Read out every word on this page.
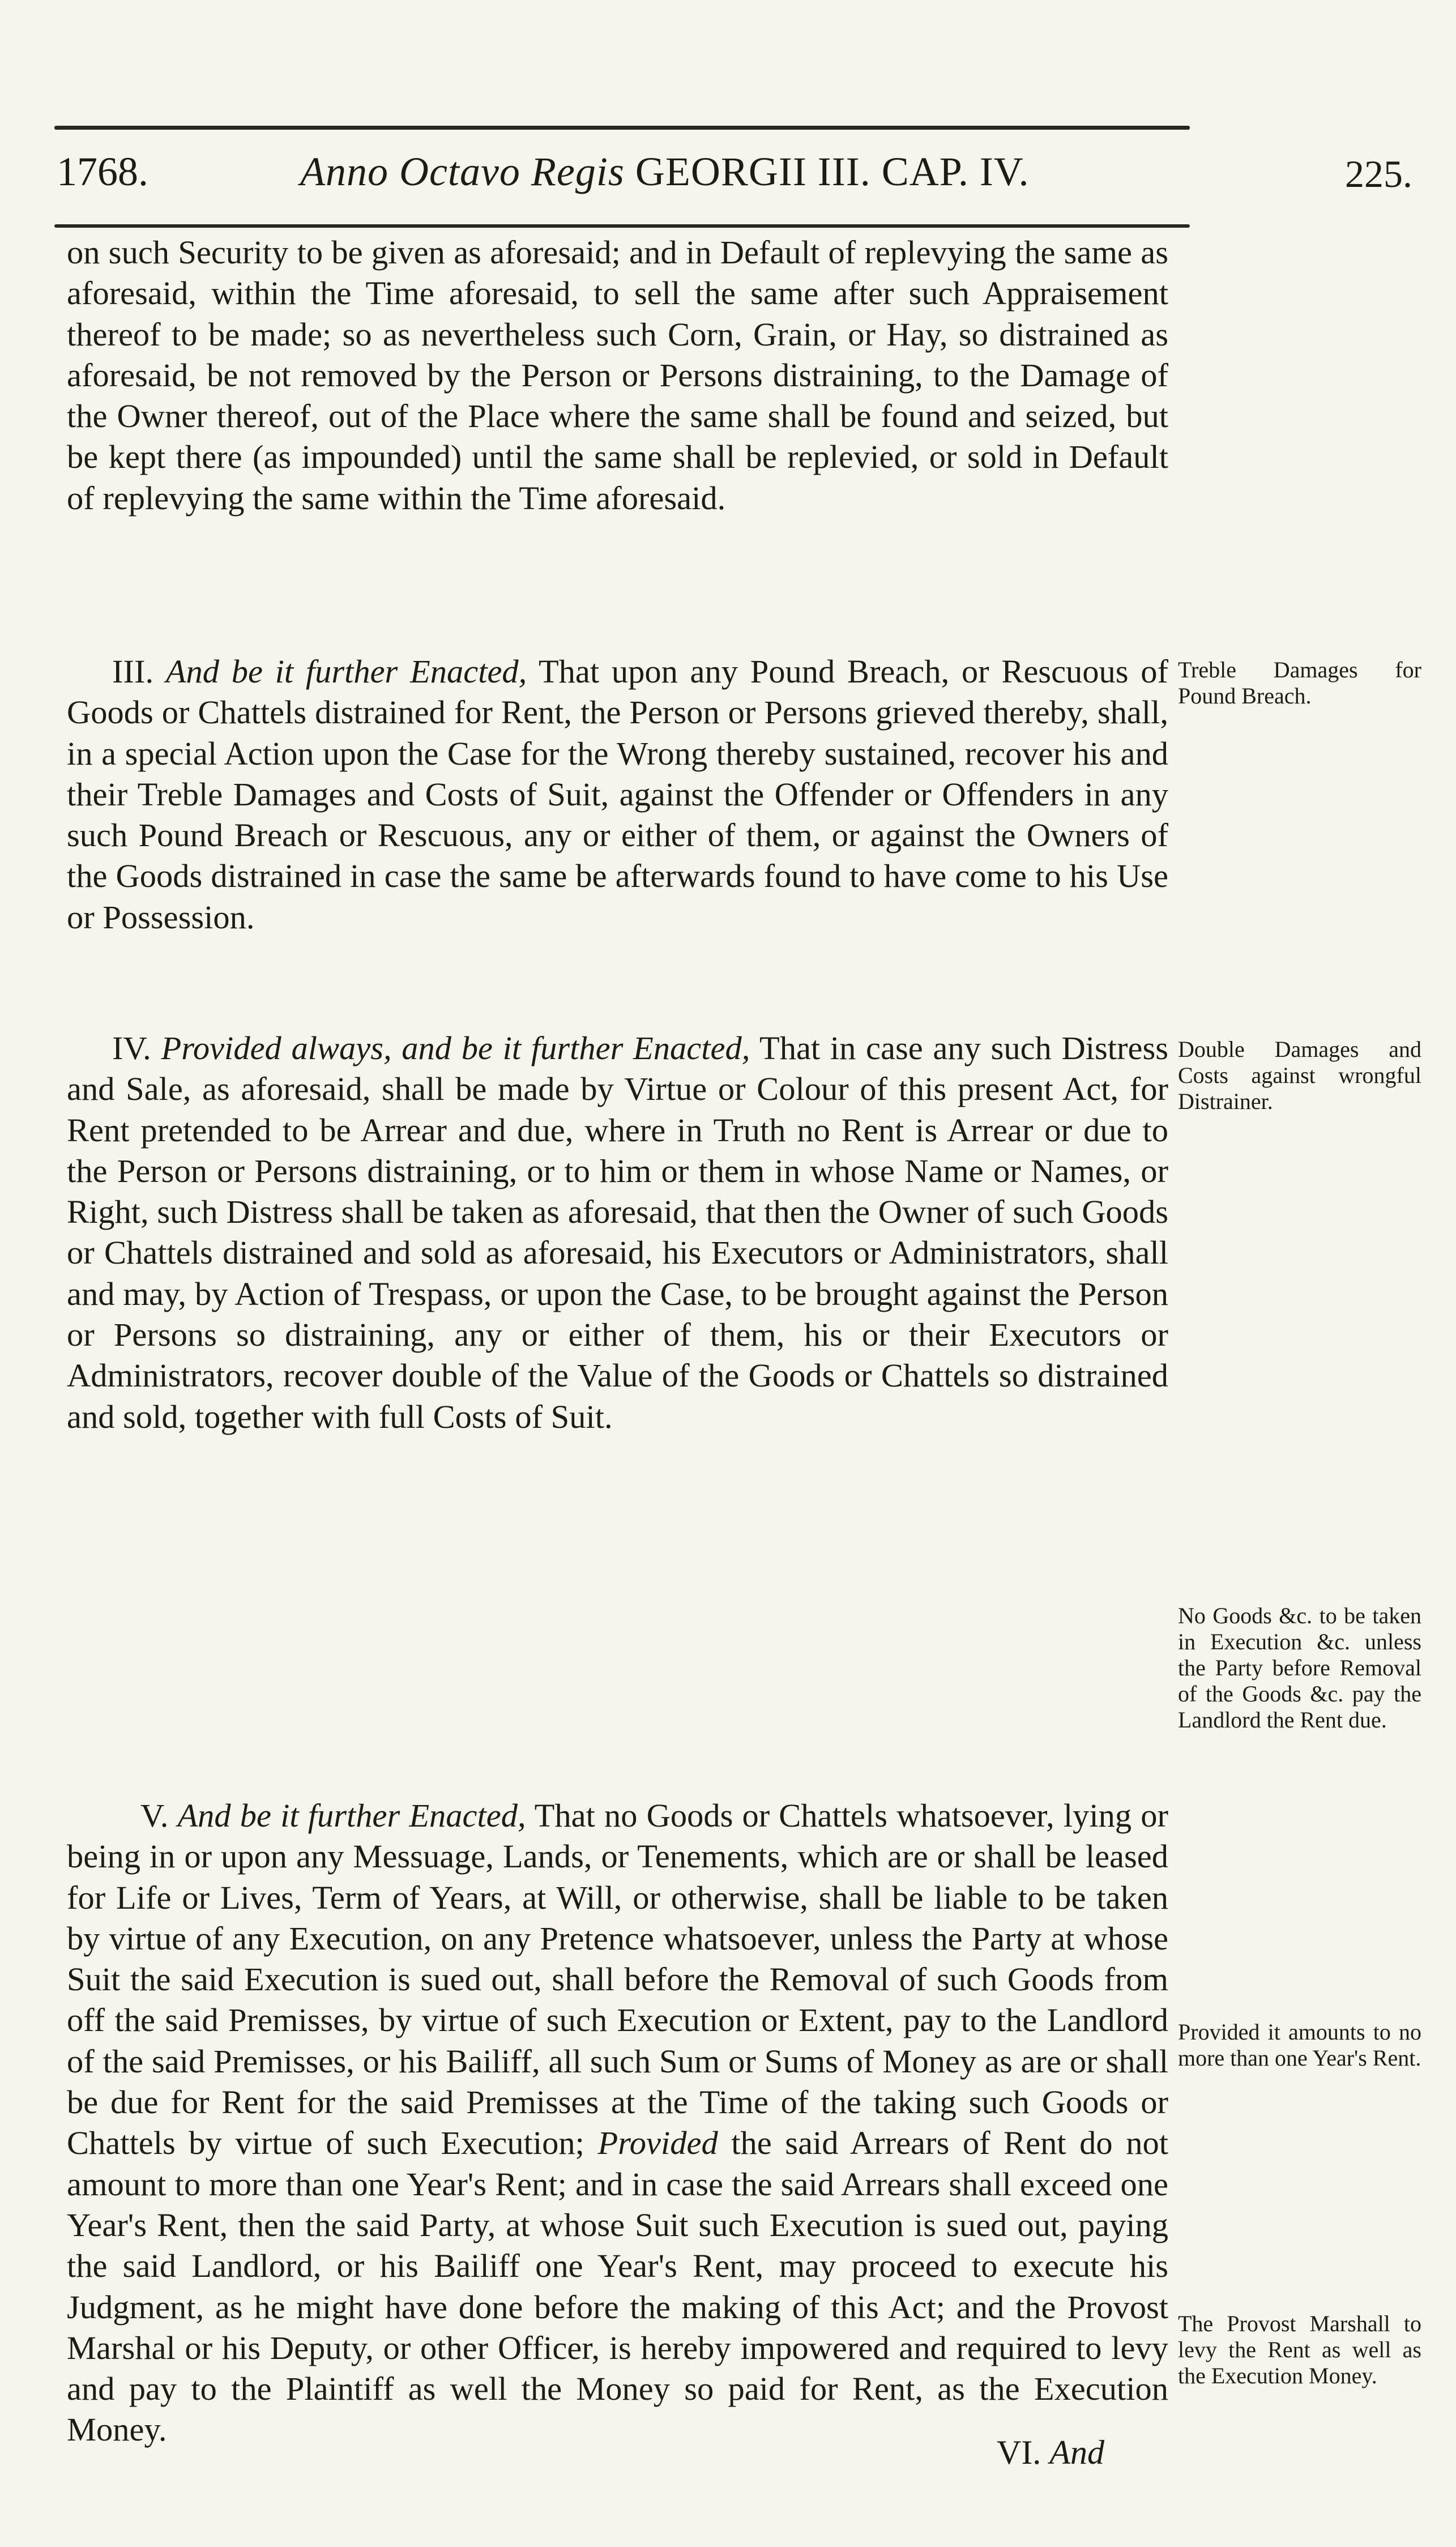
1768.	Anno Octavo Regis GEORGII III. CAP. IV.	225.

on such Security to be given as aforesaid; and in Default of replevying the same as aforesaid, within the Time aforesaid, to sell the same after such Appraisement thereof to be made; so as nevertheless such Corn, Grain, or Hay, so distrained as aforesaid, be not removed by the Person or Persons distraining, to the Damage of the Owner thereof, out of the Place where the same shall be found and seized, but be kept there (as impounded) until the same shall be replevied, or sold in Default of replevying the same within the Time aforesaid.

III. And be it further Enacted, That upon any Pound Breach, or Rescuous of Goods or Chattels distrained for Rent, the Person or Persons grieved thereby, shall, in a special Action upon the Case for the Wrong thereby sustained, recover his and their Treble Damages and Costs of Suit, against the Offender or Offenders in any such Pound Breach or Rescuous, any or either of them, or against the Owners of the Goods distrained in case the same be afterwards found to have come to his Use or Possession.

IV. Provided always, and be it further Enacted, That in case any such Distress and Sale, as aforesaid, shall be made by Virtue or Colour of this present Act, for Rent pretended to be Arrear and due, where in Truth no Rent is Arrear or due to the Person or Persons distraining, or to him or them in whose Name or Names, or Right, such Distress shall be taken as aforesaid, that then the Owner of such Goods or Chattels distrained and sold as aforesaid, his Executors or Administrators, shall and may, by Action of Trespass, or upon the Case, to be brought against the Person or Persons so distraining, any or either of them, his or their Executors or Administrators, recover double of the Value of the Goods or Chattels so distrained and sold, together with full Costs of Suit.

V. And be it further Enacted, That no Goods or Chattels whatsoever, lying or being in or upon any Messuage, Lands, or Tenements, which are or shall be leased for Life or Lives, Term of Years, at Will, or otherwise, shall be liable to be taken by virtue of any Execution, on any Pretence whatsoever, unless the Party at whose Suit the said Execution is sued out, shall before the Removal of such Goods from off the said Premisses, by virtue of such Execution or Extent, pay to the Landlord of the said Premisses, or his Bailiff, all such Sum or Sums of Money as are or shall be due for Rent for the said Premisses at the Time of the taking such Goods or Chattels by virtue of such Execution; Provided the said Arrears of Rent do not amount to more than one Year's Rent; and in case the said Arrears shall exceed one Year's Rent, then the said Party, at whose Suit such Execution is sued out, paying the said Landlord, or his Bailiff one Year's Rent, may proceed to execute his Judgment, as he might have done before the making of this Act; and the Provost Marshal or his Deputy, or other Officer, is hereby impowered and required to levy and pay to the Plaintiff as well the Money so paid for Rent, as the Execution Money.

Treble Damages for Pound Breach.
Double Damages and Costs against wrongful Distrainer.
No Goods &c. to be taken in Execution &c. unless the Party before Removal of the Goods &c. pay the Landlord the Rent due.
Provided it amounts to no more than one Year's Rent.
The Provost Marshall to levy the Rent as well as the Execution Money.
VI. And
